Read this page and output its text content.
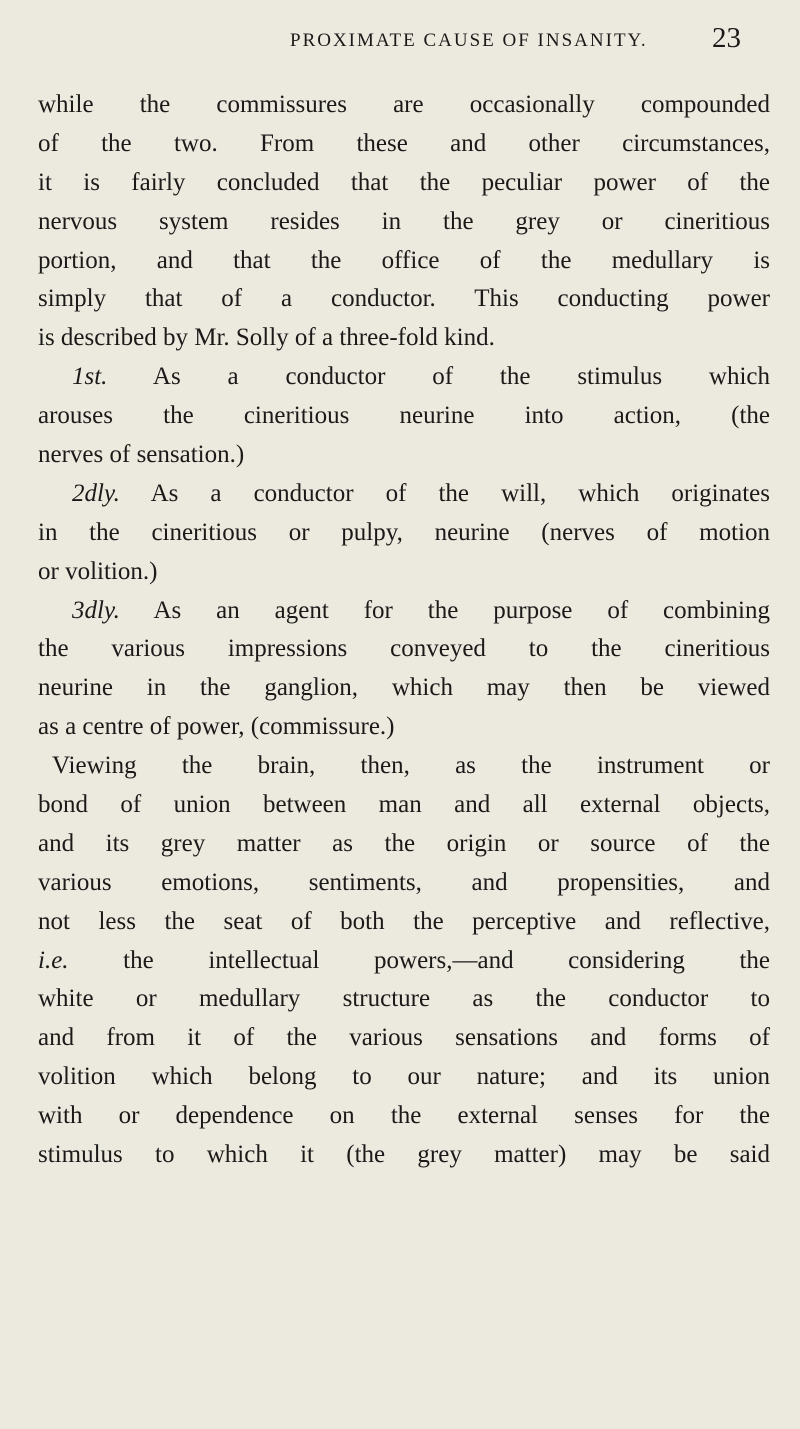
PROXIMATE CAUSE OF INSANITY. 23
while the commissures are occasionally compounded
of the two. From these and other circumstances,
it is fairly concluded that the peculiar power of the
nervous system resides in the grey or cineritious
portion, and that the office of the medullary is
simply that of a conductor. This conducting power
is described by Mr. Solly of a three-fold kind.
1st. As a conductor of the stimulus which
arouses the cineritious neurine into action, (the
nerves of sensation.)
2dly. As a conductor of the will, which originates
in the cineritious or pulpy, neurine (nerves of motion
or volition.)
3dly. As an agent for the purpose of combining
the various impressions conveyed to the cineritious
neurine in the ganglion, which may then be viewed
as a centre of power, (commissure.)
Viewing the brain, then, as the instrument or
bond of union between man and all external objects,
and its grey matter as the origin or source of the
various emotions, sentiments, and propensities, and
not less the seat of both the perceptive and reflective,
i.e. the intellectual powers,—and considering the
white or medullary structure as the conductor to
and from it of the various sensations and forms of
volition which belong to our nature; and its union
with or dependence on the external senses for the
stimulus to which it (the grey matter) may be said
